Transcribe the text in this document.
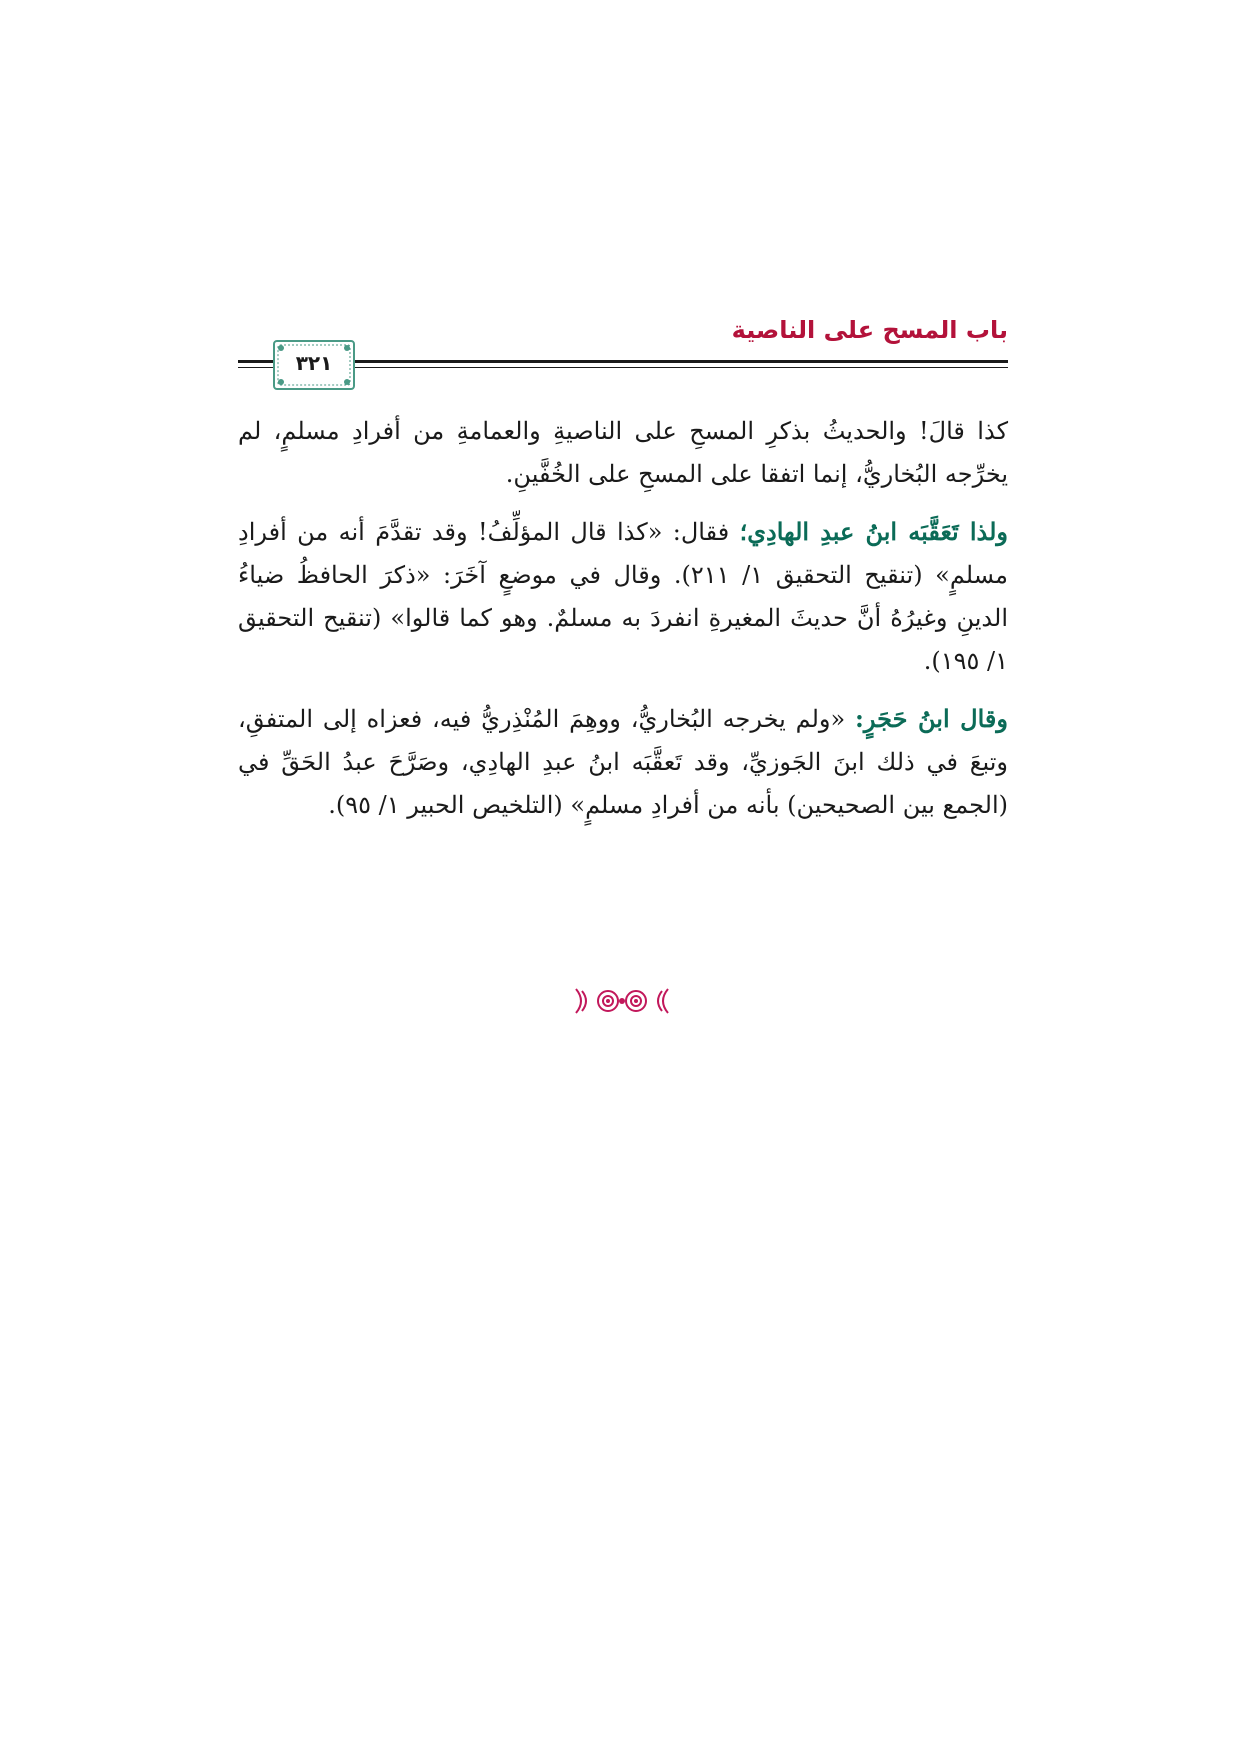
باب المسح على الناصية
٣٢١

كذا قالَ! والحديثُ بذكرِ المسحِ على الناصيةِ والعمامةِ من أفرادِ مسلمٍ، لم يخرِّجه البُخاريُّ، إنما اتفقا على المسحِ على الخُفَّينِ.

ولذا تَعَقَّبَه ابنُ عبدِ الهادِي؛ فقال: «كذا قال المؤلِّفُ! وقد تقدَّمَ أنه من أفرادِ مسلمٍ» (تنقيح التحقيق ١/ ٢١١). وقال في موضعٍ آخَرَ: «ذكرَ الحافظُ ضياءُ الدينِ وغيرُهُ أنَّ حديثَ المغيرةِ انفردَ به مسلمٌ. وهو كما قالوا» (تنقيح التحقيق ١/ ١٩٥).

وقال ابنُ حَجَرٍ: «ولم يخرجه البُخاريُّ، ووهِمَ المُنْذِريُّ فيه، فعزاه إلى المتفقِ، وتبعَ في ذلك ابنَ الجَوزيِّ، وقد تَعقَّبَه ابنُ عبدِ الهادِي، وصَرَّحَ عبدُ الحَقِّ في (الجمع بين الصحيحين) بأنه من أفرادِ مسلمٍ» (التلخيص الحبير ١/ ٩٥).
